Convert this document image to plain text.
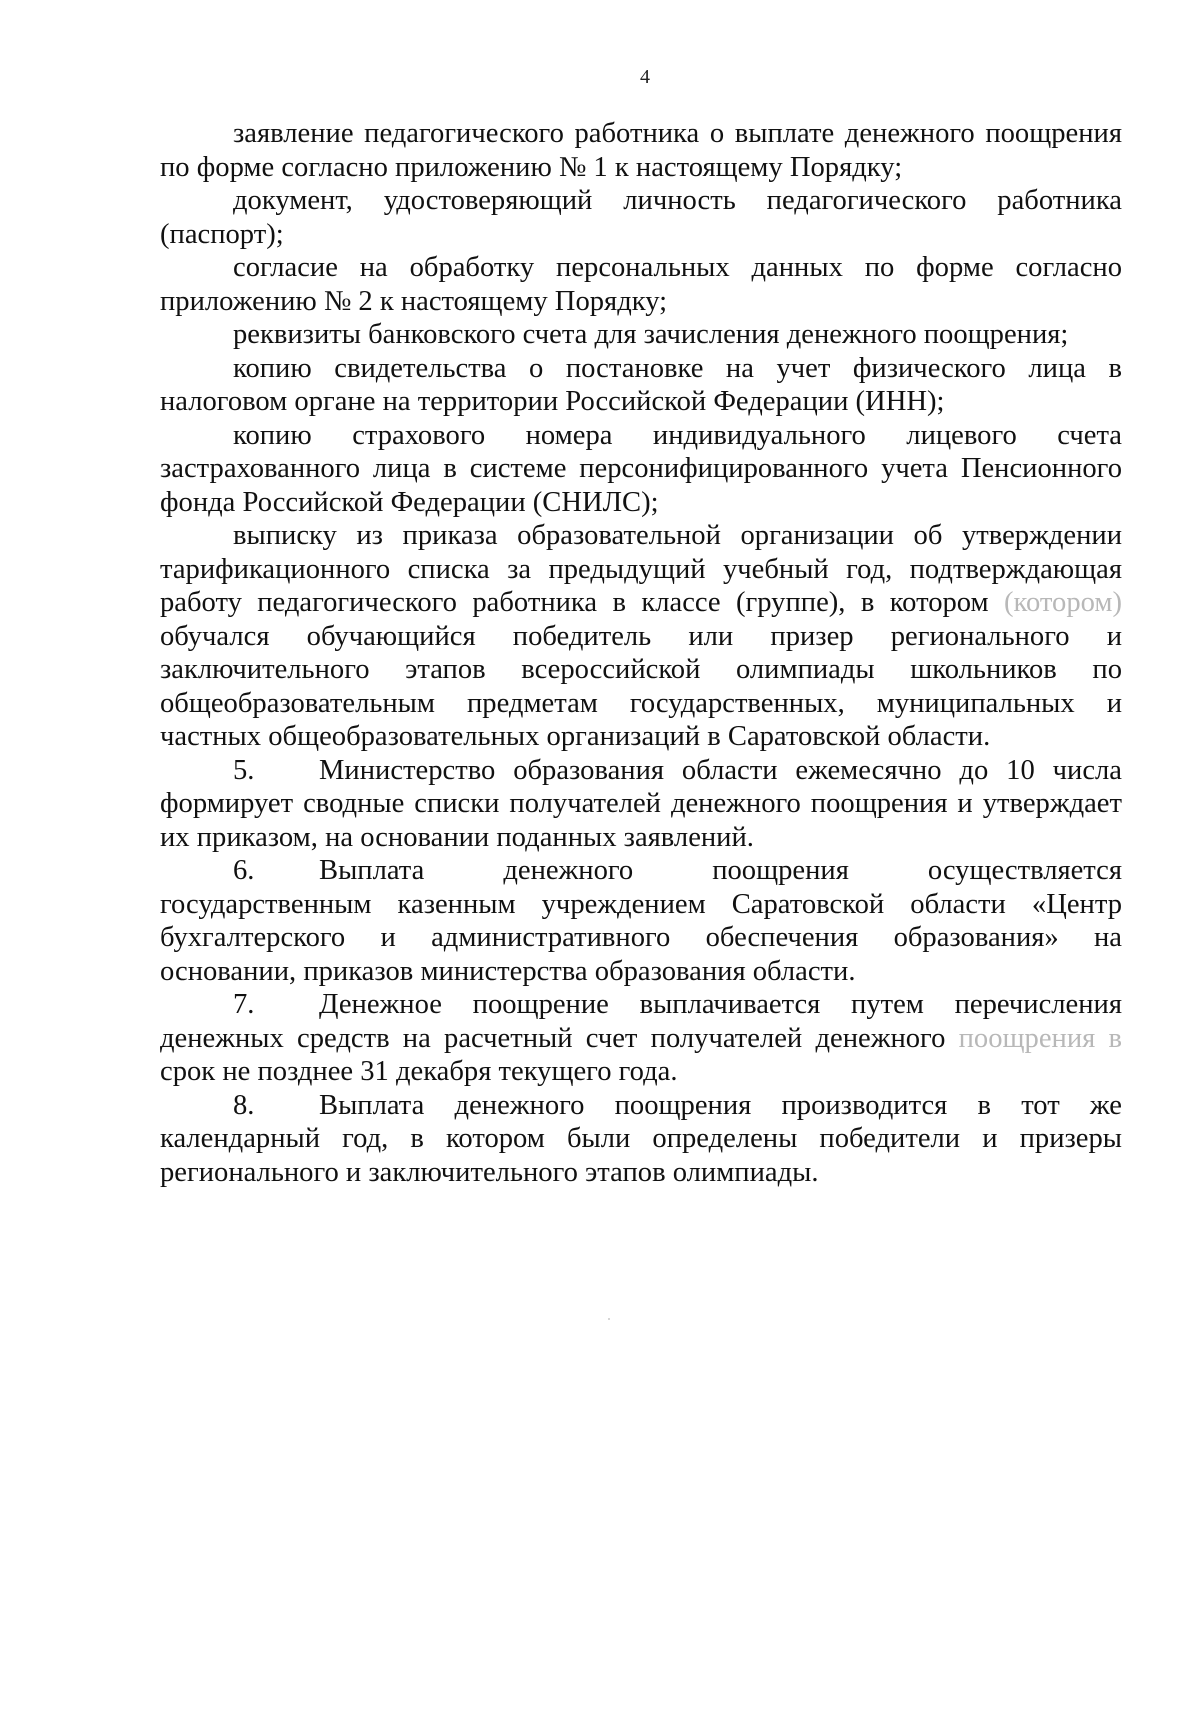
4

заявление педагогического работника о выплате денежного поощрения по форме согласно приложению № 1 к настоящему Порядку;

документ, удостоверяющий личность педагогического работника (паспорт);

согласие на обработку персональных данных по форме согласно приложению № 2 к настоящему Порядку;

реквизиты банковского счета для зачисления денежного поощрения;

копию свидетельства о постановке на учет физического лица в налоговом органе на территории Российской Федерации (ИНН);

копию страхового номера индивидуального лицевого счета застрахованного лица в системе персонифицированного учета Пенсионного фонда Российской Федерации (СНИЛС);

выписку из приказа образовательной организации об утверждении тарификационного списка за предыдущий учебный год, подтверждающая работу педагогического работника в классе (группе), в котором (котором) обучался обучающийся победитель или призер регионального и заключительного этапов всероссийской олимпиады школьников по общеобразовательным предметам государственных, муниципальных и частных общеобразовательных организаций в Саратовской области.

5. Министерство образования области ежемесячно до 10 числа формирует сводные списки получателей денежного поощрения и утверждает их приказом, на основании поданных заявлений.

6. Выплата денежного поощрения осуществляется государственным казенным учреждением Саратовской области «Центр бухгалтерского и административного обеспечения образования» на основании, приказов министерства образования области.

7. Денежное поощрение выплачивается путем перечисления денежных средств на расчетный счет получателей денежного поощрения в срок не позднее 31 декабря текущего года.

8. Выплата денежного поощрения производится в тот же календарный год, в котором были определены победители и призеры регионального и заключительного этапов олимпиады.
